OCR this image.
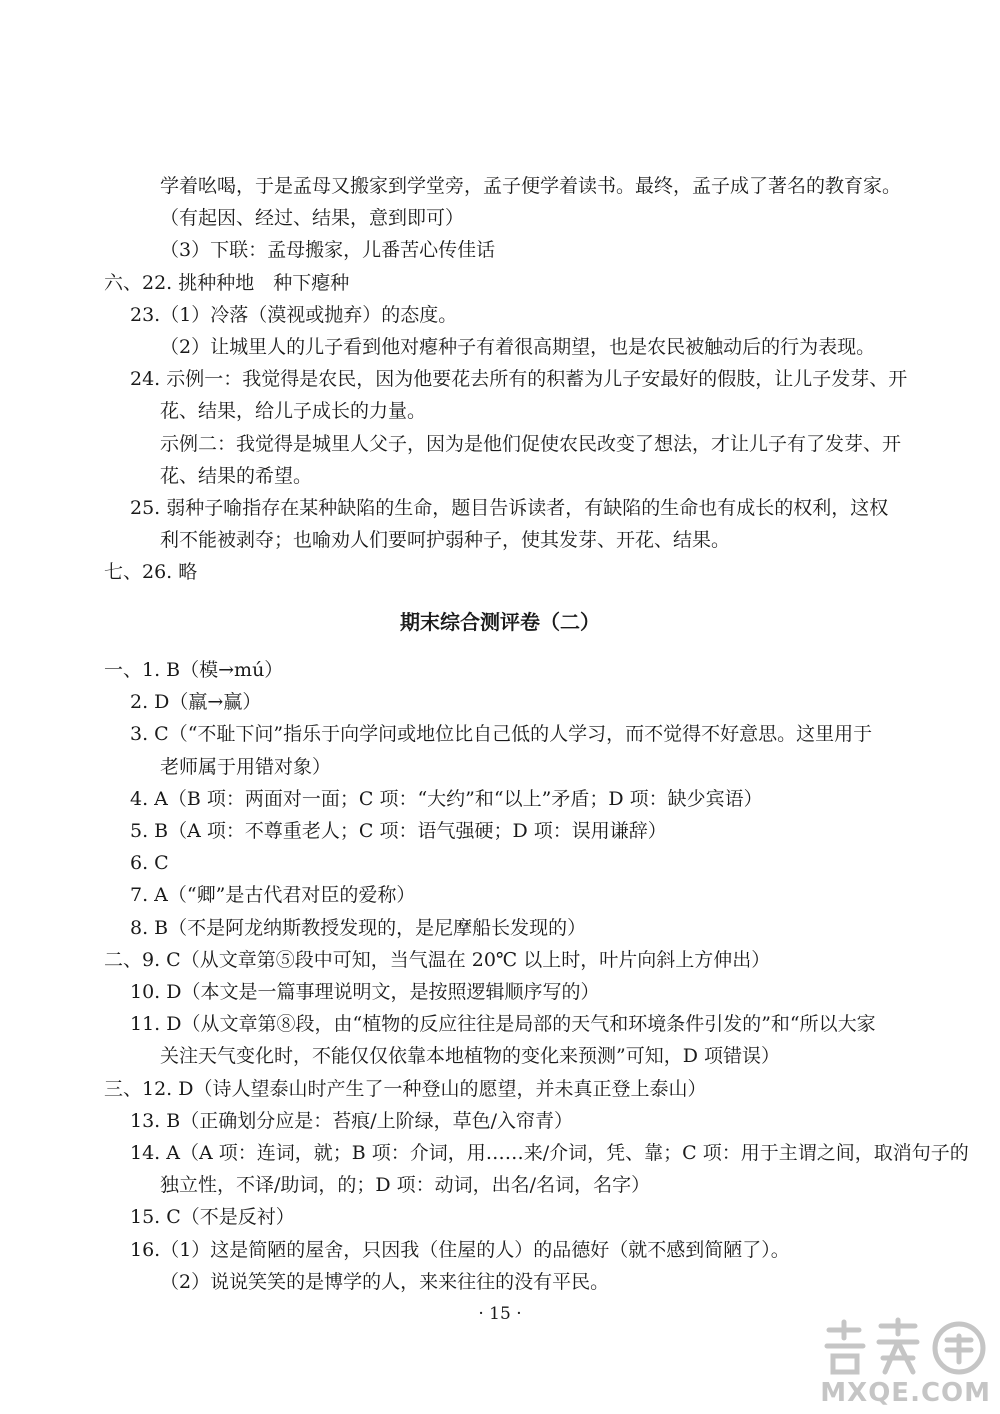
学着吆喝，于是孟母又搬家到学堂旁，孟子便学着读书。最终，孟子成了著名的教育家。
（有起因、经过、结果，意到即可）
（3）下联：孟母搬家，儿番苦心传佳话
六、22. 挑种种地　种下瘪种
23.（1）冷落（漠视或抛弃）的态度。
（2）让城里人的儿子看到他对瘪种子有着很高期望，也是农民被触动后的行为表现。
24. 示例一：我觉得是农民，因为他要花去所有的积蓄为儿子安最好的假肢，让儿子发芽、开
花、结果，给儿子成长的力量。
示例二：我觉得是城里人父子，因为是他们促使农民改变了想法，才让儿子有了发芽、开
花、结果的希望。
25. 弱种子喻指存在某种缺陷的生命，题目告诉读者，有缺陷的生命也有成长的权利，这权
利不能被剥夺；也喻劝人们要呵护弱种子，使其发芽、开花、结果。
七、26. 略
期末综合测评卷（二）
一、1. B（模→mú）
2. D（羸→赢）
3. C（“不耻下问”指乐于向学问或地位比自己低的人学习，而不觉得不好意思。这里用于
老师属于用错对象）
4. A（B 项：两面对一面；C 项：“大约”和“以上”矛盾；D 项：缺少宾语）
5. B（A 项：不尊重老人；C 项：语气强硬；D 项：误用谦辞）
6. C
7. A（“卿”是古代君对臣的爱称）
8. B（不是阿龙纳斯教授发现的，是尼摩船长发现的）
二、9. C（从文章第⑤段中可知，当气温在 20℃ 以上时，叶片向斜上方伸出）
10. D（本文是一篇事理说明文，是按照逻辑顺序写的）
11. D（从文章第⑧段，由“植物的反应往往是局部的天气和环境条件引发的”和“所以大家
关注天气变化时，不能仅仅依靠本地植物的变化来预测”可知，D 项错误）
三、12. D（诗人望泰山时产生了一种登山的愿望，并未真正登上泰山）
13. B（正确划分应是：苔痕/上阶绿，草色/入帘青）
14. A（A 项：连词，就；B 项：介词，用……来/介词，凭、靠；C 项：用于主谓之间，取消句子的
独立性，不译/助词，的；D 项：动词，出名/名词，名字）
15. C（不是反衬）
16.（1）这是简陋的屋舍，只因我（住屋的人）的品德好（就不感到简陋了）。
（2）说说笑笑的是博学的人，来来往往的没有平民。
· 15 ·
MXQE.COM
